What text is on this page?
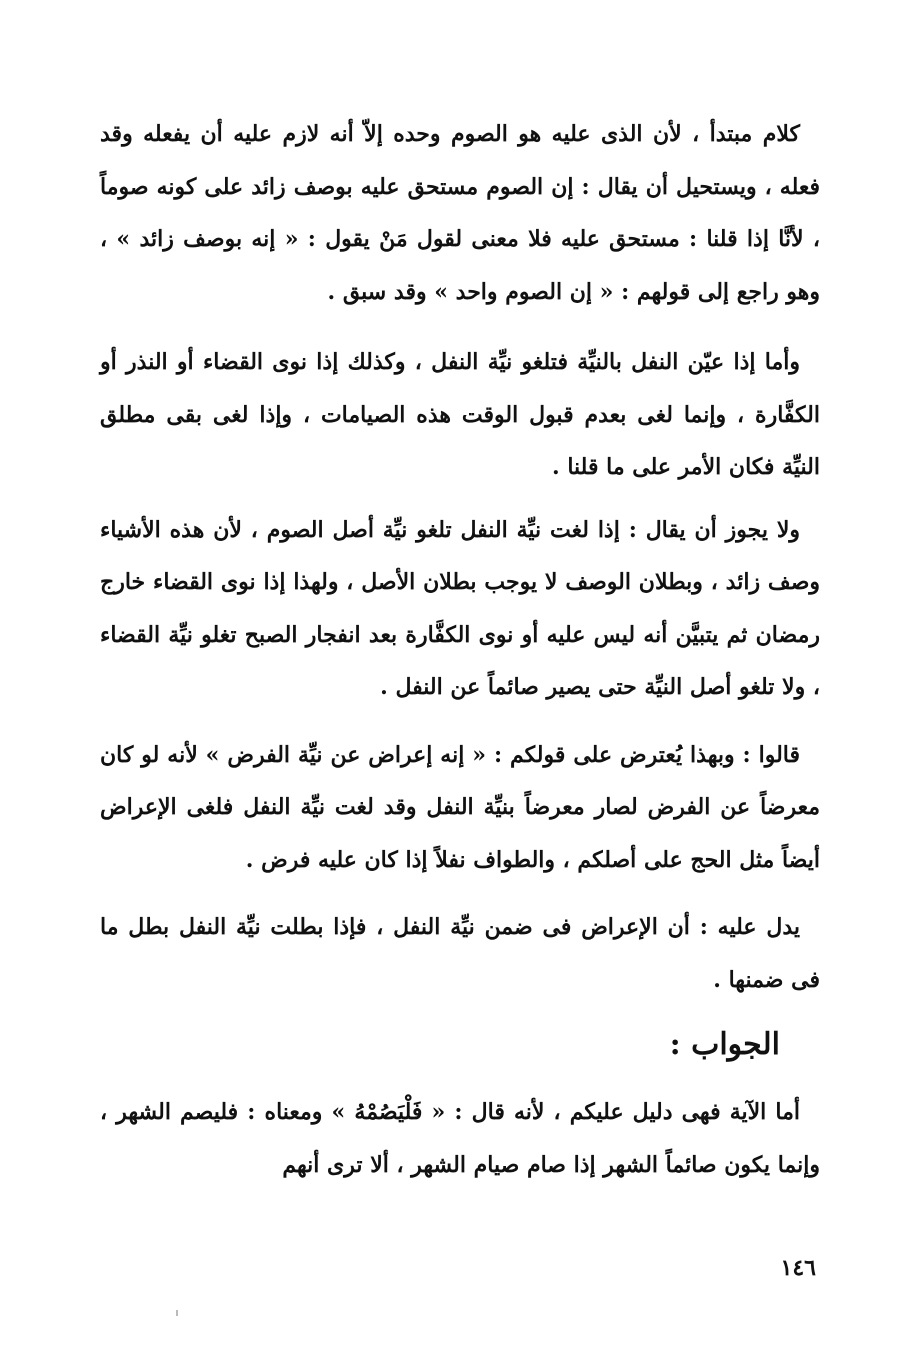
كلام مبتدأ ، لأن الذى عليه هو الصوم وحده إلاّ أنه لازم عليه أن يفعله وقد فعله ، ويستحيل أن يقال : إن الصوم مستحق عليه بوصف زائد على كونه صوماً ، لأنَّا إذا قلنا : مستحق عليه فلا معنى لقول مَنْ يقول : « إنه بوصف زائد » ، وهو راجع إلى قولهم : « إن الصوم واحد » وقد سبق .

وأما إذا عيّن النفل بالنيِّة فتلغو نيِّة النفل ، وكذلك إذا نوى القضاء أو النذر أو الكفَّارة ، وإنما لغى بعدم قبول الوقت هذه الصيامات ، وإذا لغى بقى مطلق النيِّة فكان الأمر على ما قلنا .

ولا يجوز أن يقال : إذا لغت نيِّة النفل تلغو نيِّة أصل الصوم ، لأن هذه الأشياء وصف زائد ، وبطلان الوصف لا يوجب بطلان الأصل ، ولهذا إذا نوى القضاء خارج رمضان ثم يتبيَّن أنه ليس عليه أو نوى الكفَّارة بعد انفجار الصبح تغلو نيِّة القضاء ، ولا تلغو أصل النيِّة حتى يصير صائماً عن النفل .

قالوا : وبهذا يُعترض على قولكم : « إنه إعراض عن نيِّة الفرض » لأنه لو كان معرضاً عن الفرض لصار معرضاً بنيِّة النفل وقد لغت نيِّة النفل فلغى الإعراض أيضاً مثل الحج على أصلكم ، والطواف نفلاً إذا كان عليه فرض .

يدل عليه : أن الإعراض فى ضمن نيِّة النفل ، فإذا بطلت نيِّة النفل بطل ما فى ضمنها .

الجواب :

أما الآية فهى دليل عليكم ، لأنه قال : « فَلْيَصُمْهُ » ومعناه : فليصم الشهر ، وإنما يكون صائماً الشهر إذا صام صيام الشهر ، ألا ترى أنهم

١٤٦
